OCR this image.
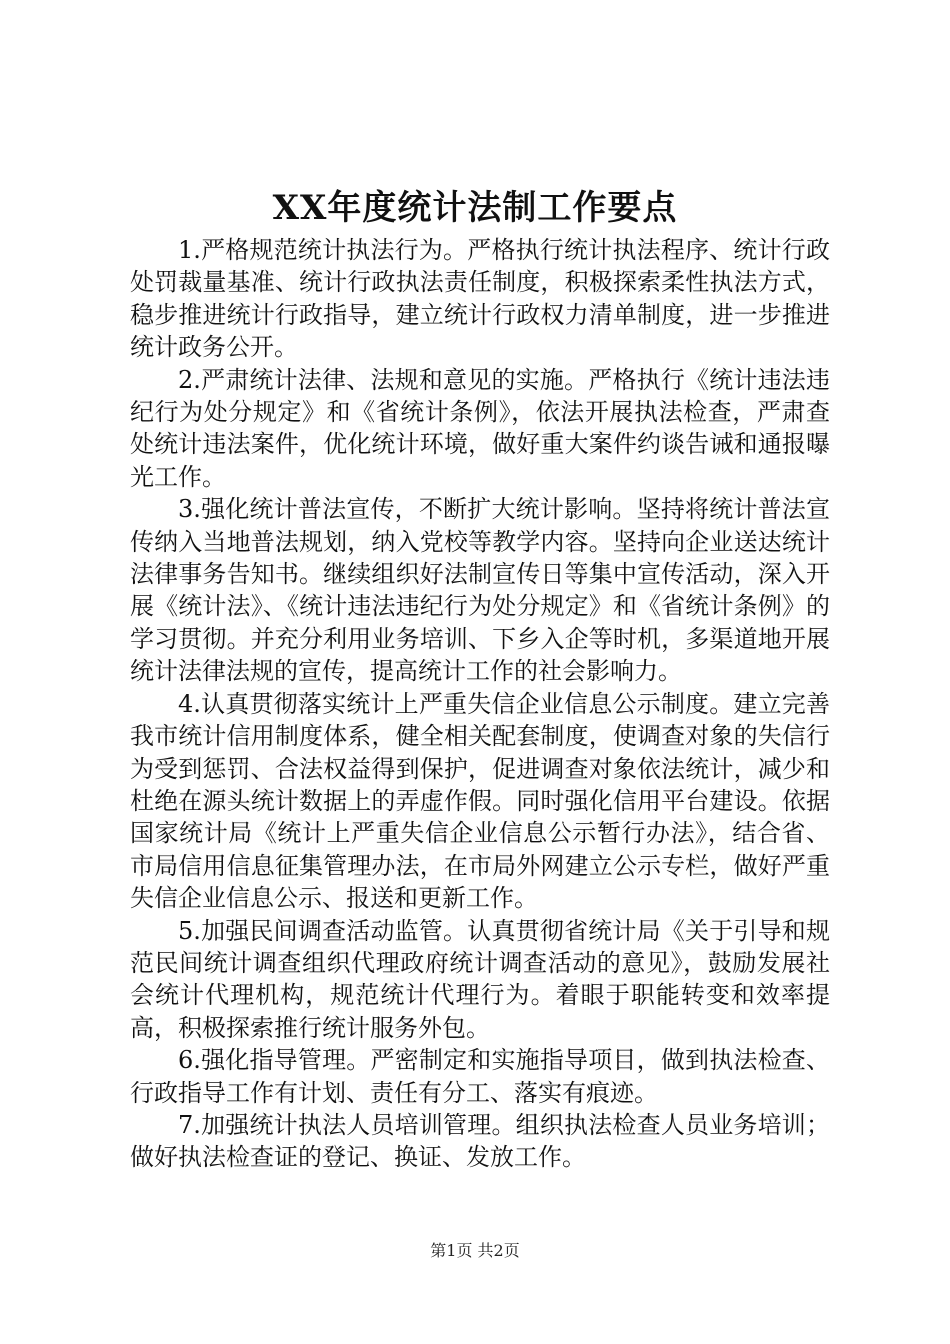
XX年度统计法制工作要点

1.严格规范统计执法行为。严格执行统计执法程序、统计行政处罚裁量基准、统计行政执法责任制度，积极探索柔性执法方式，稳步推进统计行政指导，建立统计行政权力清单制度，进一步推进统计政务公开。

2.严肃统计法律、法规和意见的实施。严格执行《统计违法违纪行为处分规定》和《省统计条例》，依法开展执法检查，严肃查处统计违法案件，优化统计环境，做好重大案件约谈告诫和通报曝光工作。

3.强化统计普法宣传，不断扩大统计影响。坚持将统计普法宣传纳入当地普法规划，纳入党校等教学内容。坚持向企业送达统计法律事务告知书。继续组织好法制宣传日等集中宣传活动，深入开展《统计法》、《统计违法违纪行为处分规定》和《省统计条例》的学习贯彻。并充分利用业务培训、下乡入企等时机，多渠道地开展统计法律法规的宣传，提高统计工作的社会影响力。

4.认真贯彻落实统计上严重失信企业信息公示制度。建立完善我市统计信用制度体系，健全相关配套制度，使调查对象的失信行为受到惩罚、合法权益得到保护，促进调查对象依法统计，减少和杜绝在源头统计数据上的弄虚作假。同时强化信用平台建设。依据国家统计局《统计上严重失信企业信息公示暂行办法》，结合省、市局信用信息征集管理办法，在市局外网建立公示专栏，做好严重失信企业信息公示、报送和更新工作。

5.加强民间调查活动监管。认真贯彻省统计局《关于引导和规范民间统计调查组织代理政府统计调查活动的意见》，鼓励发展社会统计代理机构，规范统计代理行为。着眼于职能转变和效率提高，积极探索推行统计服务外包。

6.强化指导管理。严密制定和实施指导项目，做到执法检查、行政指导工作有计划、责任有分工、落实有痕迹。

7.加强统计执法人员培训管理。组织执法检查人员业务培训；做好执法检查证的登记、换证、发放工作。

第1页 共2页
